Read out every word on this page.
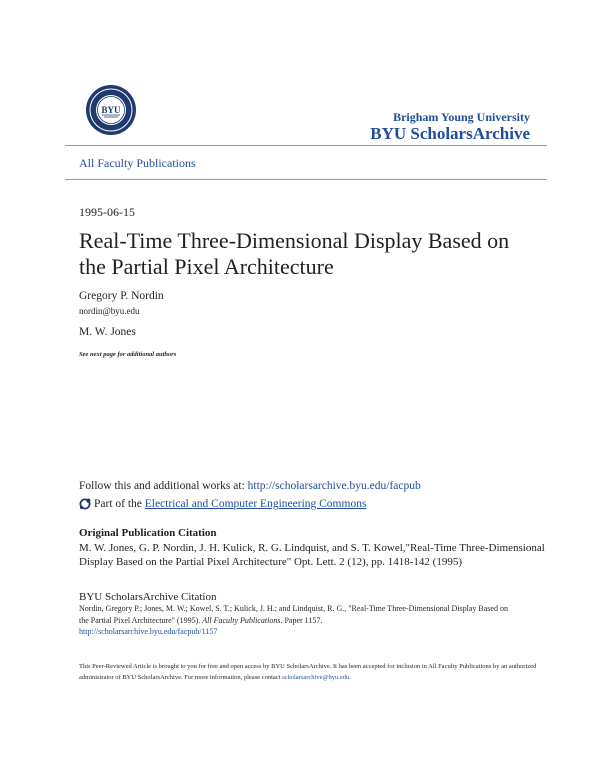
BYU	Brigham Young University
BYU ScholarsArchive
All Faculty Publications
1995-06-15
Real-Time Three-Dimensional Display Based on the Partial Pixel Architecture
Gregory P. Nordin
nordin@byu.edu
M. W. Jones
See next page for additional authors
Follow this and additional works at: http://scholarsarchive.byu.edu/facpub
Part of the Electrical and Computer Engineering Commons
Original Publication Citation
M. W. Jones, G. P. Nordin, J. H. Kulick, R. G. Lindquist, and S. T. Kowel,"Real-Time Three-Dimensional Display Based on the Partial Pixel Architecture" Opt. Lett. 2 (12), pp. 1418-142 (1995)
BYU ScholarsArchive Citation
Nordin, Gregory P.; Jones, M. W.; Kowel, S. T.; Kulick, J. H.; and Lindquist, R. G., "Real-Time Three-Dimensional Display Based on
the Partial Pixel Architecture" (1995). All Faculty Publications. Paper 1157.
http://scholarsarchive.byu.edu/facpub/1157
This Peer-Reviewed Article is brought to you for free and open access by BYU ScholarsArchive. It has been accepted for inclusion in All Faculty Publications by an authorized administrator of BYU ScholarsArchive. For more information, please contact scholarsarchive@byu.edu.
